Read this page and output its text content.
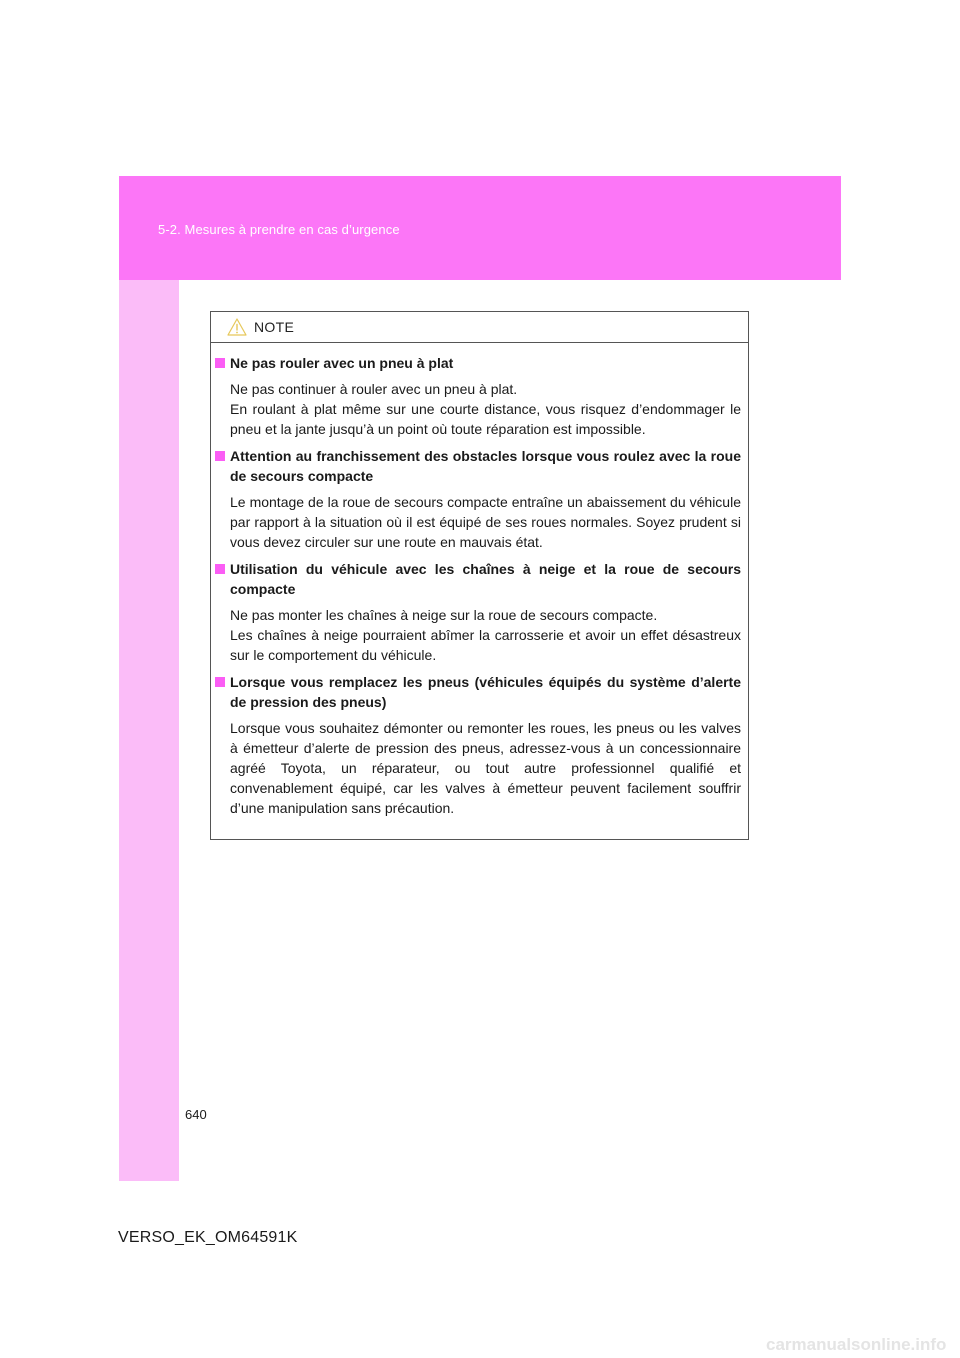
5-2. Mesures à prendre en cas d’urgence
NOTE
Ne pas rouler avec un pneu à plat
Ne pas continuer à rouler avec un pneu à plat.
En roulant à plat même sur une courte distance, vous risquez d’endommager le pneu et la jante jusqu’à un point où toute réparation est impossible.
Attention au franchissement des obstacles lorsque vous roulez avec la roue de secours compacte
Le montage de la roue de secours compacte entraîne un abaissement du véhicule par rapport à la situation où il est équipé de ses roues normales. Soyez prudent si vous devez circuler sur une route en mauvais état.
Utilisation du véhicule avec les chaînes à neige et la roue de secours compacte
Ne pas monter les chaînes à neige sur la roue de secours compacte.
Les chaînes à neige pourraient abîmer la carrosserie et avoir un effet désastreux sur le comportement du véhicule.
Lorsque vous remplacez les pneus (véhicules équipés du système d’alerte de pression des pneus)
Lorsque vous souhaitez démonter ou remonter les roues, les pneus ou les valves à émetteur d’alerte de pression des pneus, adressez-vous à un concessionnaire agréé Toyota, un réparateur, ou tout autre professionnel qualifié et convenablement équipé, car les valves à émetteur peuvent facilement souffrir d’une manipulation sans précaution.
640
VERSO_EK_OM64591K
carmanualsonline.info
